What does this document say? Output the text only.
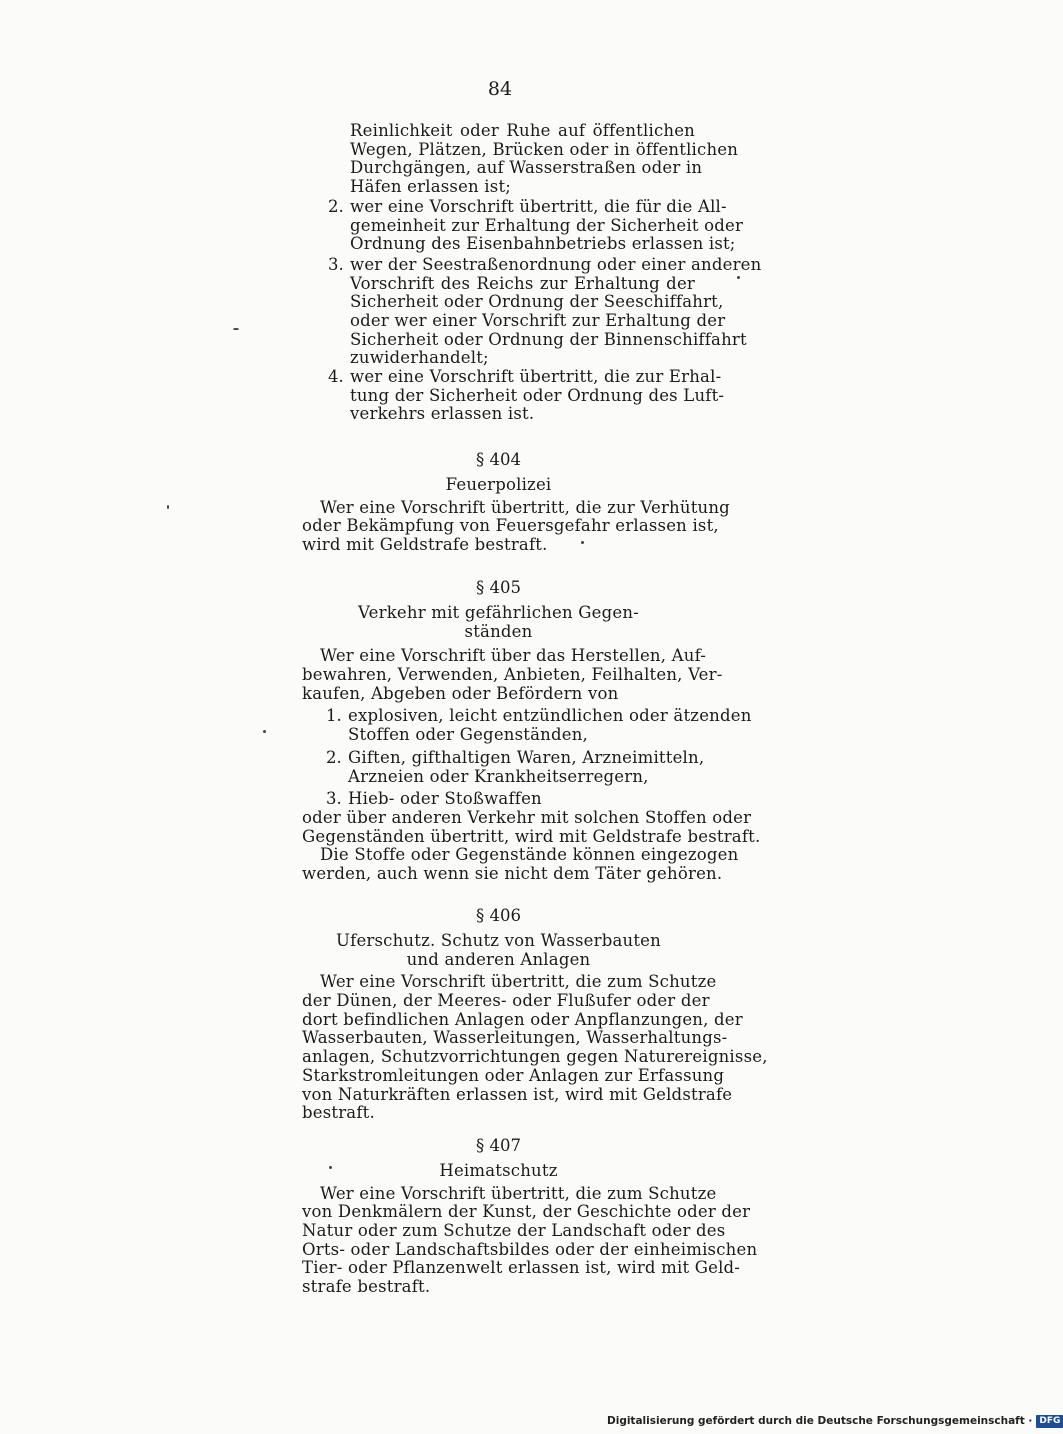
84
Reinlichkeit oder Ruhe auf öffentlichen
Wegen, Plätzen, Brücken oder in öffentlichen
Durchgängen, auf Wasserstraßen oder in
Häfen erlassen ist;
2. wer eine Vorschrift übertritt, die für die All-
gemeinheit zur Erhaltung der Sicherheit oder
Ordnung des Eisenbahnbetriebs erlassen ist;
3. wer der Seestraßenordnung oder einer anderen
Vorschrift des Reichs zur Erhaltung der
Sicherheit oder Ordnung der Seeschiffahrt,
oder wer einer Vorschrift zur Erhaltung der
Sicherheit oder Ordnung der Binnenschiffahrt
zuwiderhandelt;
4. wer eine Vorschrift übertritt, die zur Erhal-
tung der Sicherheit oder Ordnung des Luft-
verkehrs erlassen ist.
§ 404
Feuerpolizei
Wer eine Vorschrift übertritt, die zur Verhütung
oder Bekämpfung von Feuersgefahr erlassen ist,
wird mit Geldstrafe bestraft.
§ 405
Verkehr mit gefährlichen Gegen-
ständen
Wer eine Vorschrift über das Herstellen, Auf-
bewahren, Verwenden, Anbieten, Feilhalten, Ver-
kaufen, Abgeben oder Befördern von
1. explosiven, leicht entzündlichen oder ätzenden
Stoffen oder Gegenständen,
2. Giften, gifthaltigen Waren, Arzneimitteln,
Arzneien oder Krankheitserregern,
3. Hieb- oder Stoßwaffen
oder über anderen Verkehr mit solchen Stoffen oder
Gegenständen übertritt, wird mit Geldstrafe bestraft.
Die Stoffe oder Gegenstände können eingezogen
werden, auch wenn sie nicht dem Täter gehören.
§ 406
Uferschutz. Schutz von Wasserbauten
und anderen Anlagen
Wer eine Vorschrift übertritt, die zum Schutze
der Dünen, der Meeres- oder Flußufer oder der
dort befindlichen Anlagen oder Anpflanzungen, der
Wasserbauten, Wasserleitungen, Wasserhaltungs-
anlagen, Schutzvorrichtungen gegen Naturereignisse,
Starkstromleitungen oder Anlagen zur Erfassung
von Naturkräften erlassen ist, wird mit Geldstrafe
bestraft.
§ 407
Heimatschutz
Wer eine Vorschrift übertritt, die zum Schutze
von Denkmälern der Kunst, der Geschichte oder der
Natur oder zum Schutze der Landschaft oder des
Orts- oder Landschaftsbildes oder der einheimischen
Tier- oder Pflanzenwelt erlassen ist, wird mit Geld-
strafe bestraft.
Digitalisierung gefördert durch die Deutsche Forschungsgemeinschaft · DFG
